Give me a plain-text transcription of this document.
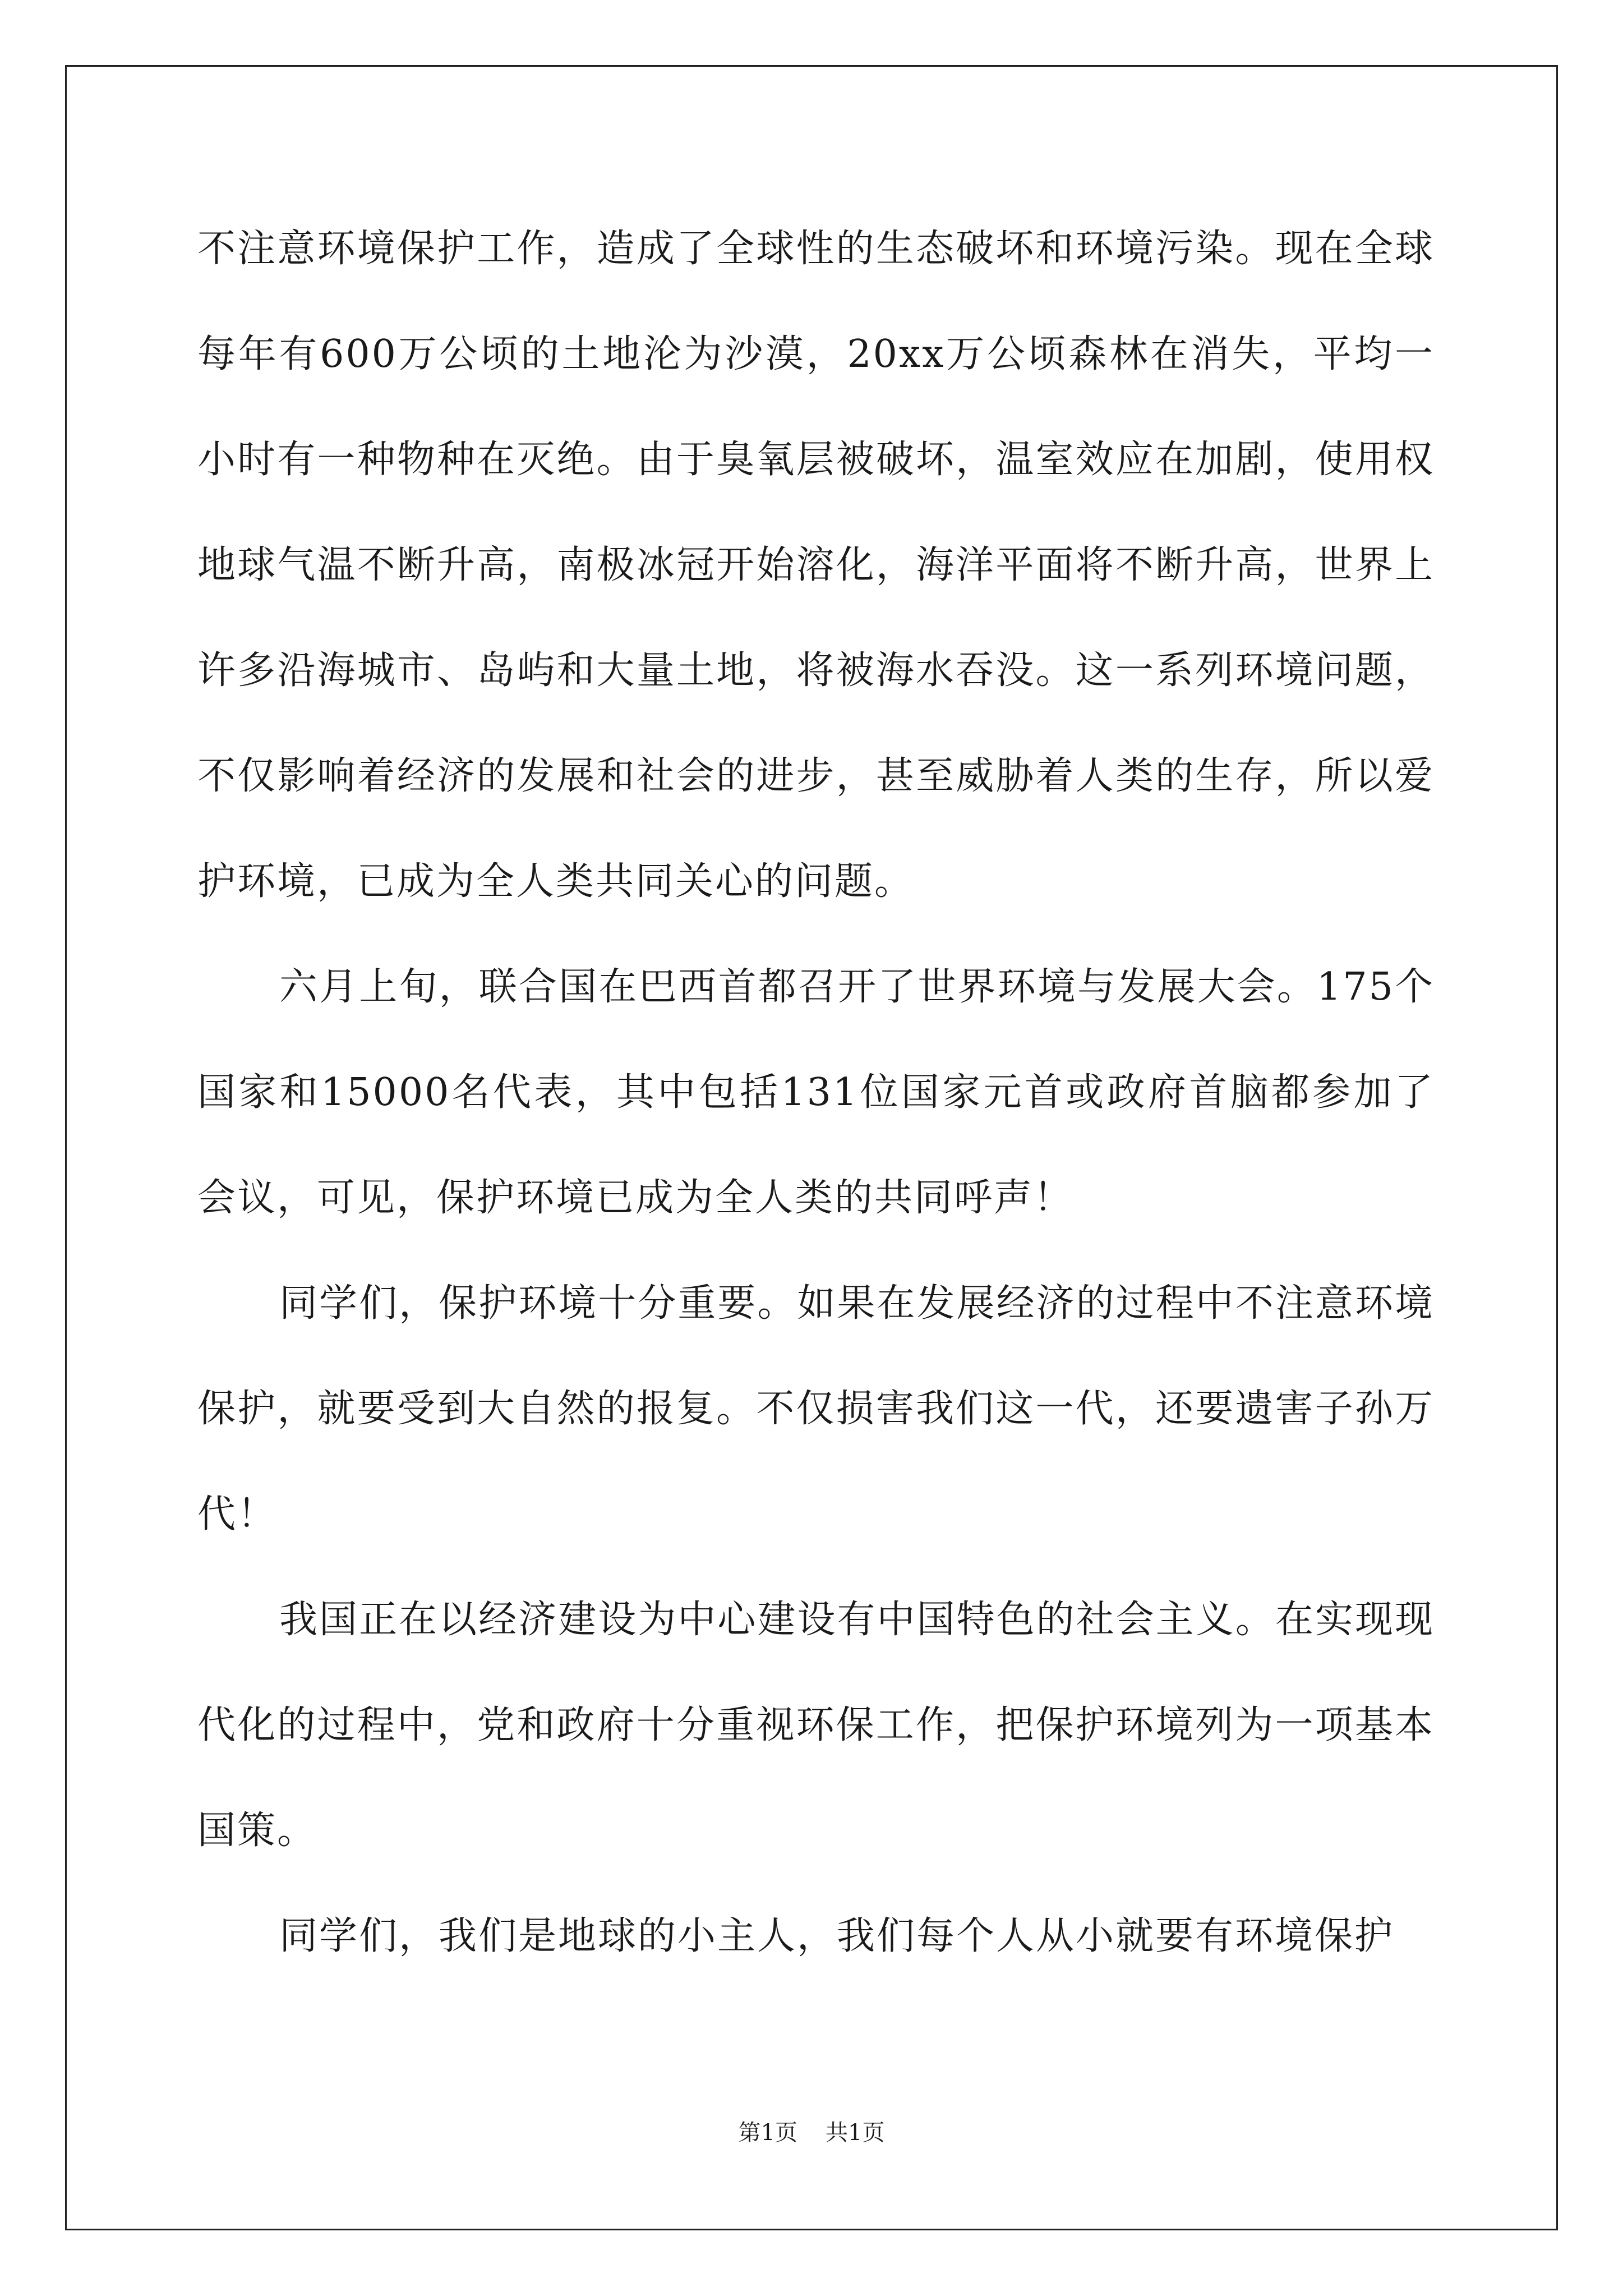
不注意环境保护工作，造成了全球性的生态破坏和环境污染。现在全球每年有600万公顷的土地沦为沙漠，20xx万公顷森林在消失，平均一小时有一种物种在灭绝。由于臭氧层被破坏，温室效应在加剧，使用权地球气温不断升高，南极冰冠开始溶化，海洋平面将不断升高，世界上许多沿海城市、岛屿和大量土地，将被海水吞没。这一系列环境问题，不仅影响着经济的发展和社会的进步，甚至威胁着人类的生存，所以爱护环境，已成为全人类共同关心的问题。

六月上旬，联合国在巴西首都召开了世界环境与发展大会。175个国家和15000名代表，其中包括131位国家元首或政府首脑都参加了会议，可见，保护环境已成为全人类的共同呼声！

同学们，保护环境十分重要。如果在发展经济的过程中不注意环境保护，就要受到大自然的报复。不仅损害我们这一代，还要遗害子孙万代！

我国正在以经济建设为中心建设有中国特色的社会主义。在实现现代化的过程中，党和政府十分重视环保工作，把保护环境列为一项基本国策。

同学们，我们是地球的小主人，我们每个人从小就要有环境保护

第1页 共1页
